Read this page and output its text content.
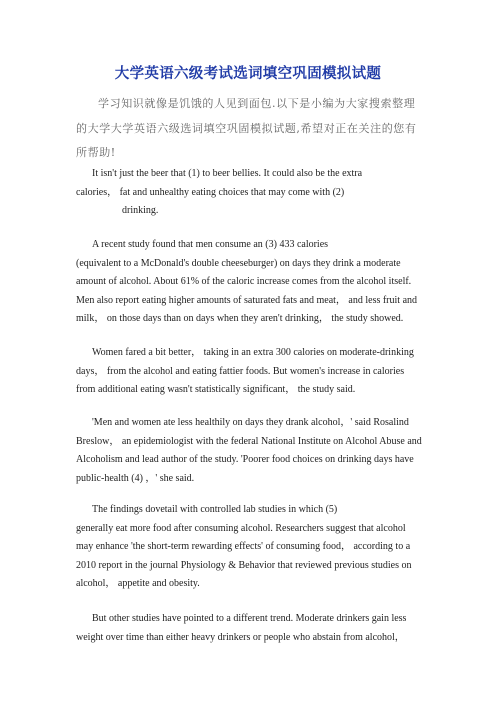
大学英语六级考试选词填空巩固模拟试题
学习知识就像是饥饿的人见到面包.以下是小编为大家搜索整理的大学大学英语六级选词填空巩固模拟试题,希望对正在关注的您有所帮助!
It isn't just the beer that (1) to beer bellies. It could also be the extra
calories， fat and unhealthy eating choices that may come with (2)
drinking.
A recent study found that men consume an (3) 433 calories
(equivalent to a McDonald's double cheeseburger) on days they drink a moderate
amount of alcohol. About 61% of the caloric increase comes from the alcohol itself.
Men also report eating higher amounts of saturated fats and meat， and less fruit and
milk， on those days than on days when they aren't drinking， the study showed.
Women fared a bit better， taking in an extra 300 calories on moderate-drinking
days， from the alcohol and eating fattier foods. But women's increase in calories
from additional eating wasn't statistically significant， the study said.
'Men and women ate less healthily on days they drank alcohol，' said Rosalind
Breslow， an epidemiologist with the federal National Institute on Alcohol Abuse and
Alcoholism and lead author of the study. 'Poorer food choices on drinking days have
public-health (4) ，' she said.
The findings dovetail with controlled lab studies in which (5)
generally eat more food after consuming alcohol. Researchers suggest that alcohol
may enhance 'the short-term rewarding effects' of consuming food， according to a
2010 report in the journal Physiology & Behavior that reviewed previous studies on
alcohol， appetite and obesity.
But other studies have pointed to a different trend. Moderate drinkers gain less
weight over time than either heavy drinkers or people who abstain from alcohol，
